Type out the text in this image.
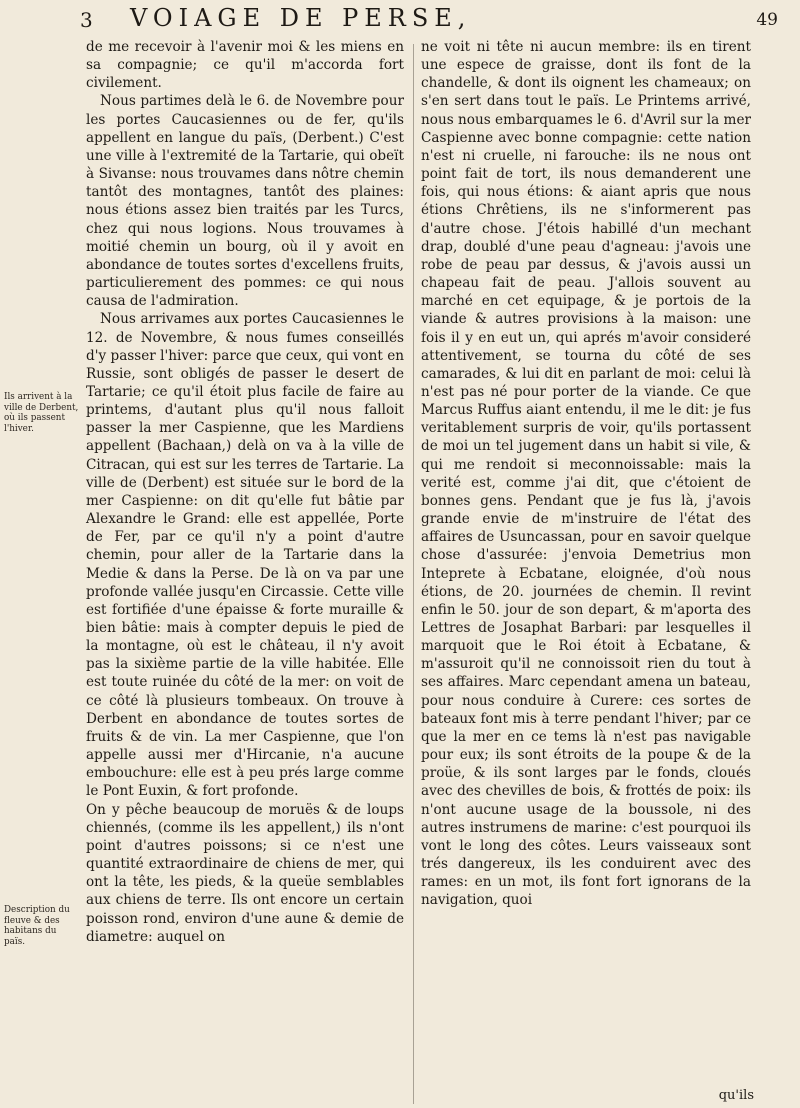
3 VOIAGE DE PERSE,	49
Ils arrivent à la ville de Derbent, où ils passent l'hiver.
Description du fleuve & des habitans du païs.

de me recevoir à l'avenir moi & les miens en sa compagnie; ce qu'il m'accorda fort civilement.

Nous partimes delà le 6. de Novembre pour les portes Caucasiennes ou de fer, qu'ils appellent en langue du païs, (Derbent.) C'est une ville à l'extremité de la Tartarie, qui obeït à Sivanse: nous trouvames dans nôtre chemin tantôt des montagnes, tantôt des plaines: nous étions assez bien traités par les Turcs, chez qui nous logions. Nous trouvames à moitié chemin un bourg, où il y avoit en abondance de toutes sortes d'excellens fruits, particulierement des pommes: ce qui nous causa de l'admiration.

Nous arrivames aux portes Caucasiennes le 12. de Novembre, & nous fumes conseillés d'y passer l'hiver: parce que ceux, qui vont en Russie, sont obligés de passer le desert de Tartarie; ce qu'il étoit plus facile de faire au printems, d'autant plus qu'il nous falloit passer la mer Caspienne, que les Mardiens appellent (Bachaan,) delà on va à la ville de Citracan, qui est sur les terres de Tartarie. La ville de (Derbent) est située sur le bord de la mer Caspienne: on dit qu'elle fut bâtie par Alexandre le Grand: elle est appellée, Porte de Fer, par ce qu'il n'y a point d'autre chemin, pour aller de la Tartarie dans la Medie & dans la Perse. De là on va par une profonde vallée jusqu'en Circassie. Cette ville est fortifiée d'une épaisse & forte muraille & bien bâtie: mais à compter depuis le pied de la montagne, où est le château, il n'y avoit pas la sixième partie de la ville habitée. Elle est toute ruinée du côté de la mer: on voit de ce côté là plusieurs tombeaux. On trouve à Derbent en abondance de toutes sortes de fruits & de vin. La mer Caspienne, que l'on appelle aussi mer d'Hircanie, n'a aucune embouchure: elle est à peu prés large comme le Pont Euxin, & fort profonde.

On y pêche beaucoup de moruës & de loups chiennés, (comme ils les appellent,) ils n'ont point d'autres poissons; si ce n'est une quantité extraordinaire de chiens de mer, qui ont la tête, les pieds, & la queüe semblables aux chiens de terre. Ils ont encore un certain poisson rond, environ d'une aune & demie de diametre: auquel on

ne voit ni tête ni aucun membre: ils en tirent une espece de graisse, dont ils font de la chandelle, & dont ils oignent les chameaux; on s'en sert dans tout le païs. Le Printems arrivé, nous nous embarquames le 6. d'Avril sur la mer Caspienne avec bonne compagnie: cette nation n'est ni cruelle, ni farouche: ils ne nous ont point fait de tort, ils nous demanderent une fois, qui nous étions: & aiant apris que nous étions Chrêtiens, ils ne s'informerent pas d'autre chose. J'étois habillé d'un mechant drap, doublé d'une peau d'agneau: j'avois une robe de peau par dessus, & j'avois aussi un chapeau fait de peau. J'allois souvent au marché en cet equipage, & je portois de la viande & autres provisions à la maison: une fois il y en eut un, qui aprés m'avoir consideré attentivement, se tourna du côté de ses camarades, & lui dit en parlant de moi: celui là n'est pas né pour porter de la viande. Ce que Marcus Ruffus aiant entendu, il me le dit: je fus veritablement surpris de voir, qu'ils portassent de moi un tel jugement dans un habit si vile, & qui me rendoit si meconnoissable: mais la verité est, comme j'ai dit, que c'étoient de bonnes gens. Pendant que je fus là, j'avois grande envie de m'instruire de l'état des affaires de Usuncassan, pour en savoir quelque chose d'assurée: j'envoia Demetrius mon Inteprete à Ecbatane, eloignée, d'où nous étions, de 20. journées de chemin. Il revint enfin le 50. jour de son depart, & m'aporta des Lettres de Josaphat Barbari: par lesquelles il marquoit que le Roi étoit à Ecbatane, & m'assuroit qu'il ne connoissoit rien du tout à ses affaires. Marc cependant amena un bateau, pour nous conduire à Curere: ces sortes de bateaux font mis à terre pendant l'hiver; par ce que la mer en ce tems là n'est pas navigable pour eux; ils sont étroits de la poupe & de la proüe, & ils sont larges par le fonds, cloués avec des chevilles de bois, & frottés de poix: ils n'ont aucune usage de la boussole, ni des autres instrumens de marine: c'est pourquoi ils vont le long des côtes. Leurs vaisseaux sont trés dangereux, ils les conduirent avec des rames: en un mot, ils font fort ignorans de la navigation, quoi

qu'ils
